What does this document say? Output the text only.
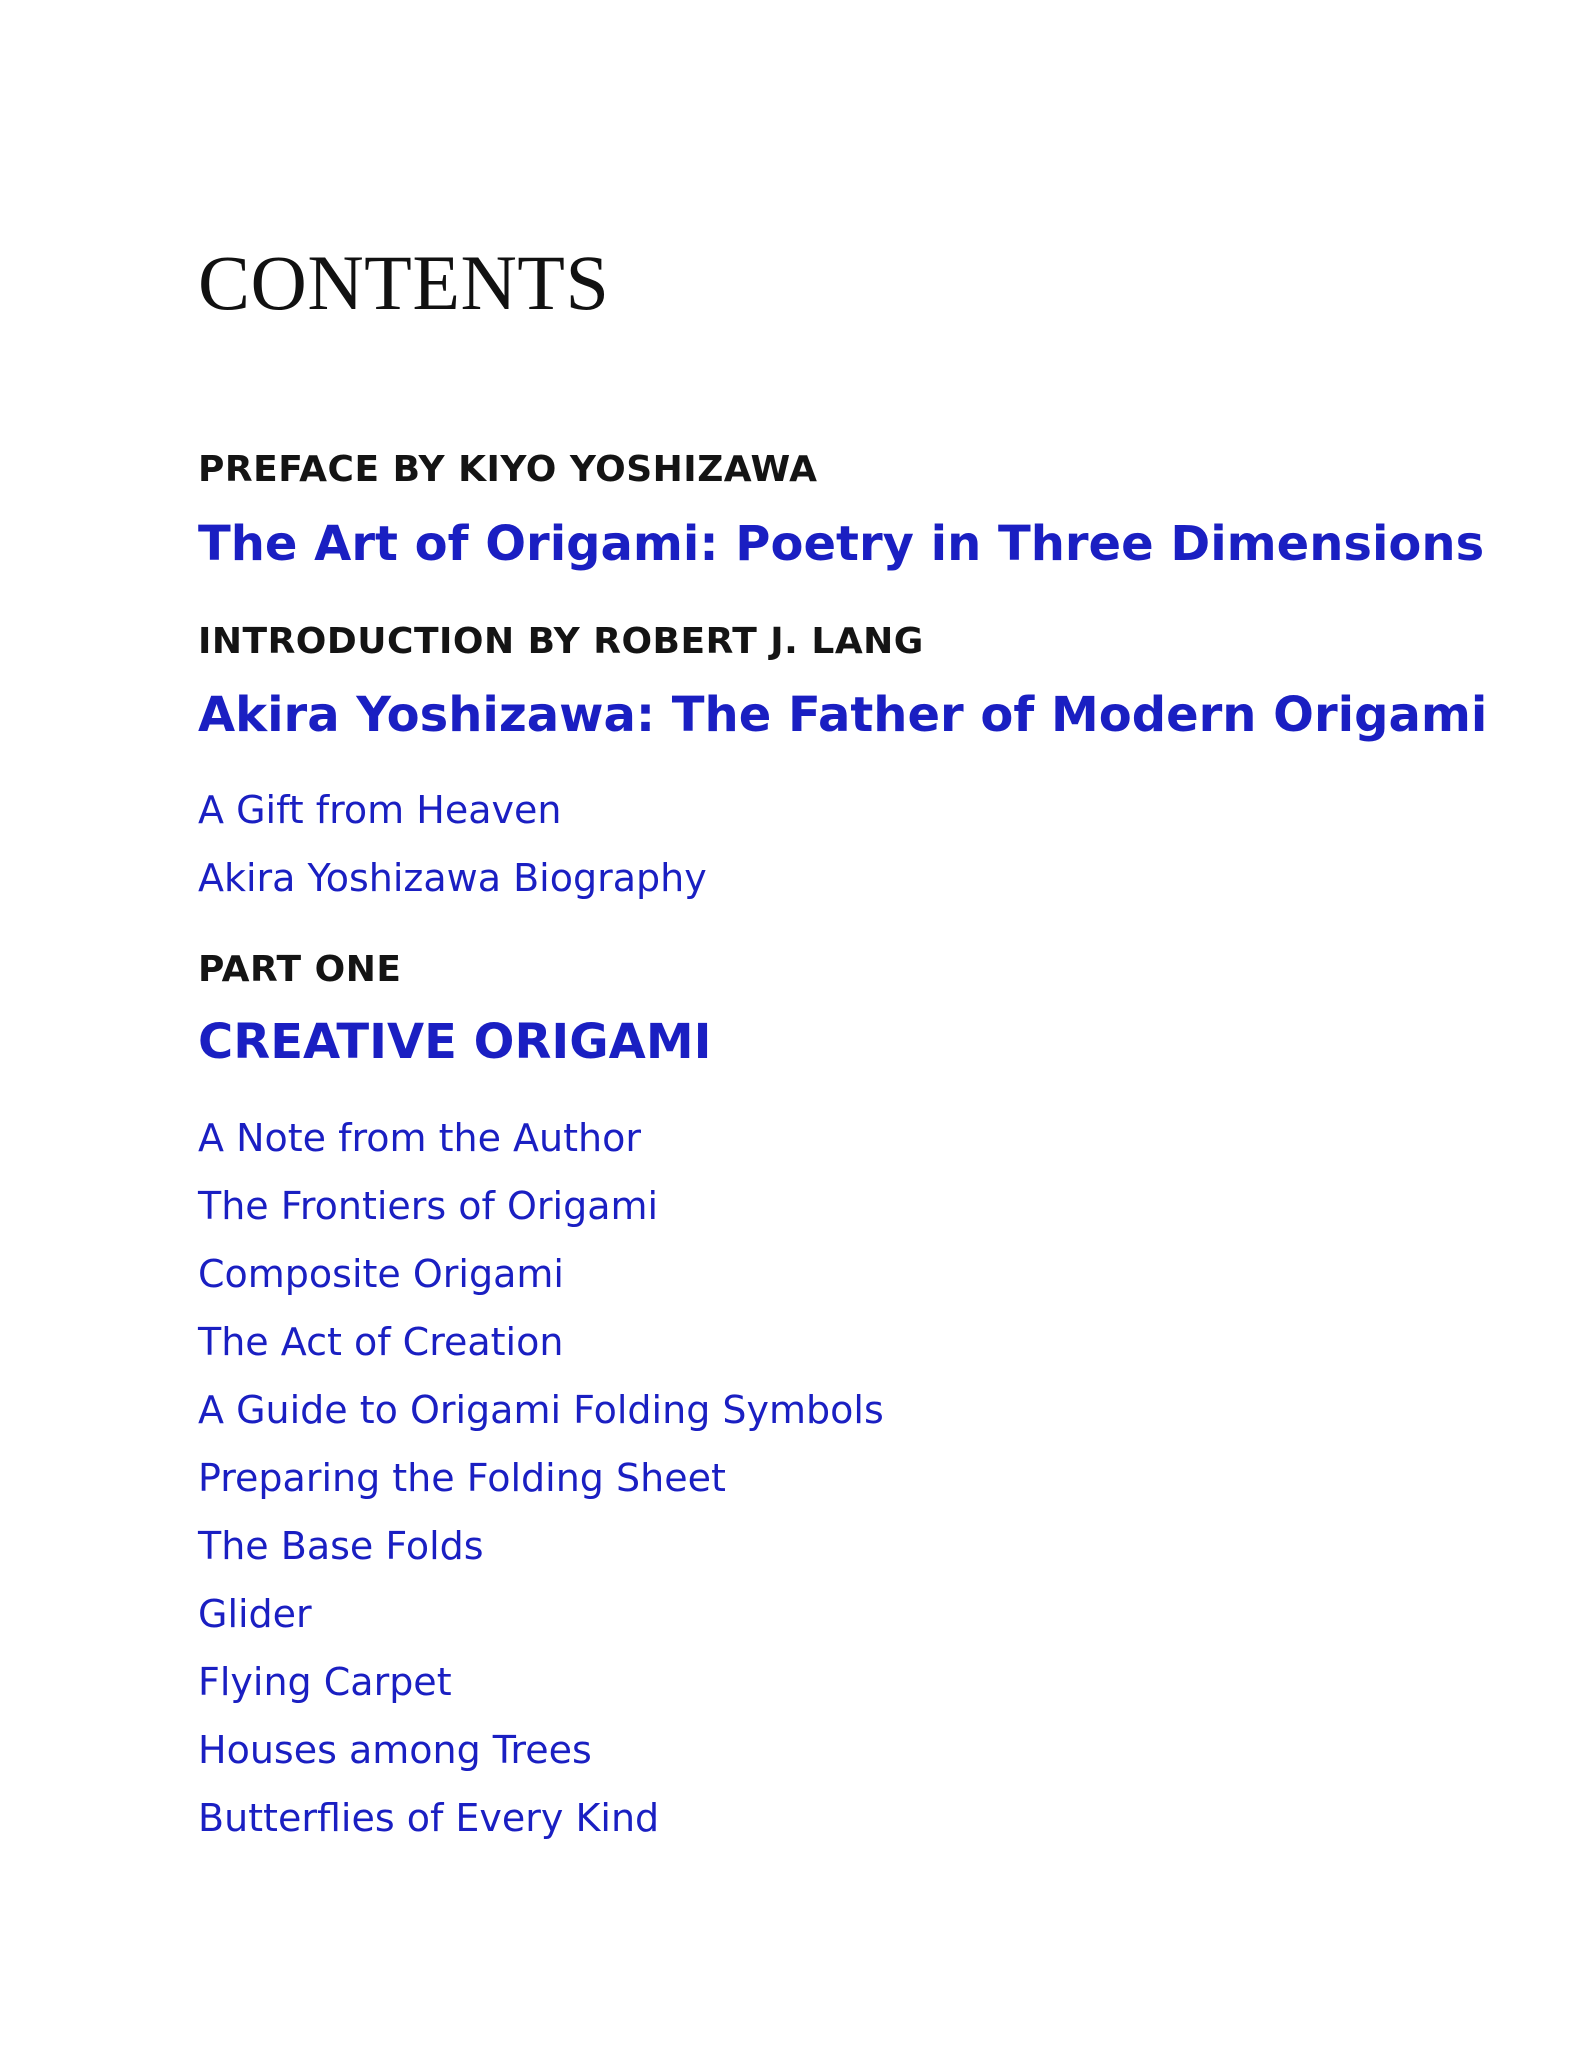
CONTENTS
PREFACE BY KIYO YOSHIZAWA
The Art of Origami: Poetry in Three Dimensions
INTRODUCTION BY ROBERT J. LANG
Akira Yoshizawa: The Father of Modern Origami
A Gift from Heaven
Akira Yoshizawa Biography
PART ONE
CREATIVE ORIGAMI
A Note from the Author
The Frontiers of Origami
Composite Origami
The Act of Creation
A Guide to Origami Folding Symbols
Preparing the Folding Sheet
The Base Folds
Glider
Flying Carpet
Houses among Trees
Butterflies of Every Kind
